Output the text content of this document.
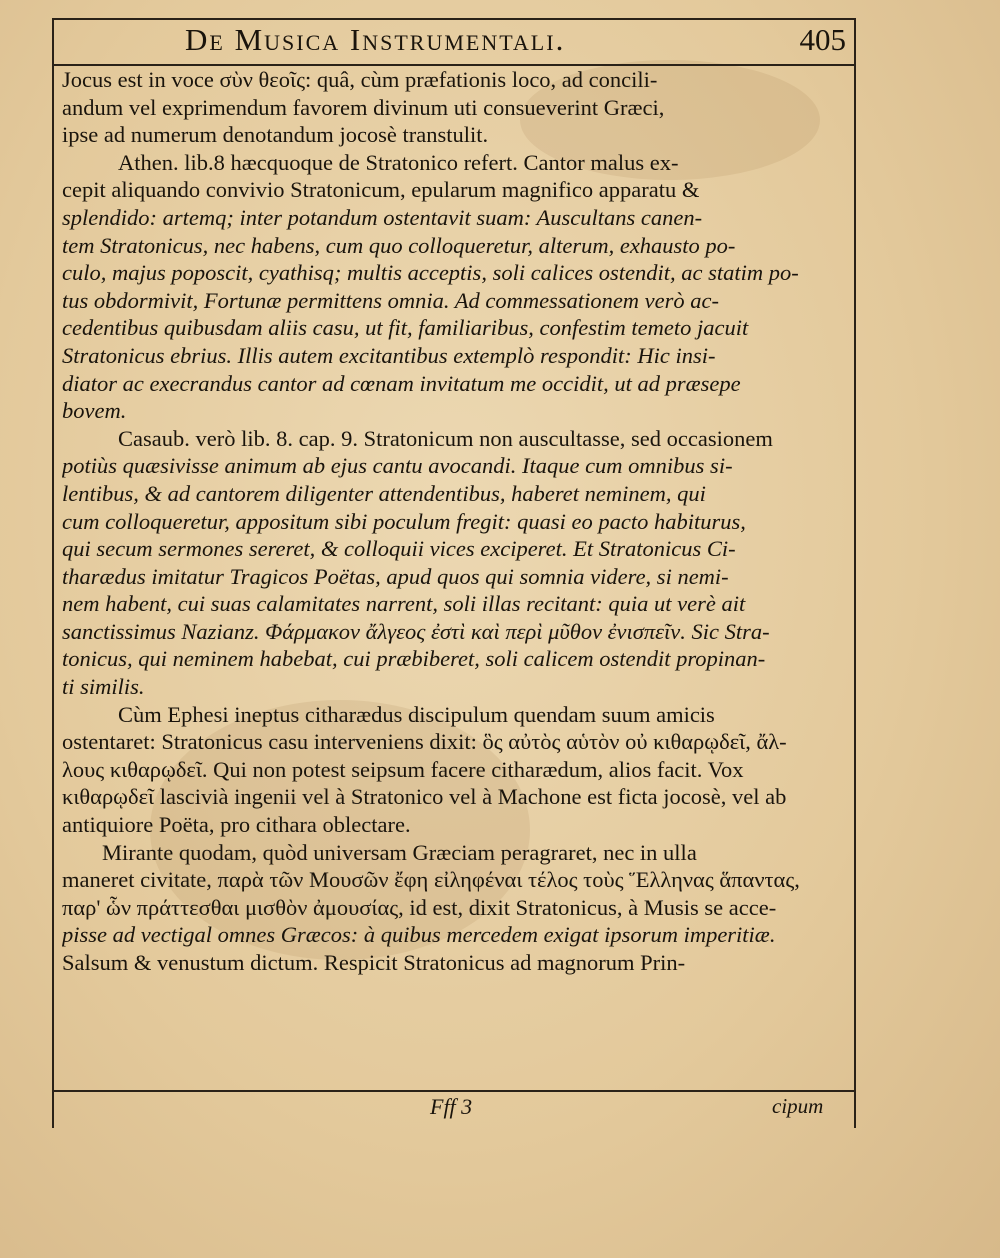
De Musica Instrumentali.	405
Jocus est in voce σὺν θεοῖς: quâ, cùm præfationis loco, ad concili-
andum vel exprimendum favorem divinum uti consueverint Græci,
ipse ad numerum denotandum jocosè transtulit.
Athen. lib.8 hæcquoque de Stratonico refert. Cantor malus ex-
cepit aliquando convivio Stratonicum, epularum magnifico apparatu &
splendido: artemq; inter potandum ostentavit suam: Auscultans canen-
tem Stratonicus, nec habens, cum quo colloqueretur, alterum, exhausto po-
culo, majus poposcit, cyathisq; multis acceptis, soli calices ostendit, ac statim po-
tus obdormivit, Fortunæ permittens omnia. Ad commessationem verò ac-
cedentibus quibusdam aliis casu, ut fit, familiaribus, confestim temeto jacuit
Stratonicus ebrius. Illis autem excitantibus extemplò respondit: Hic insi-
diator ac execrandus cantor ad cœnam invitatum me occidit, ut ad præsepe
bovem.
Casaub. verò lib. 8. cap. 9. Stratonicum non auscultasse, sed occasionem
potiùs quæsivisse animum ab ejus cantu avocandi. Itaque cum omnibus si-
lentibus, & ad cantorem diligenter attendentibus, haberet neminem, qui
cum colloqueretur, appositum sibi poculum fregit: quasi eo pacto habiturus,
qui secum sermones sereret, & colloquii vices exciperet. Et Stratonicus Ci-
tharædus imitatur Tragicos Poëtas, apud quos qui somnia videre, si nemi-
nem habent, cui suas calamitates narrent, soli illas recitant: quia ut verè ait
sanctissimus Nazianz. Φάρμακον ἄλγεος ἐστὶ καὶ περὶ μῦθον ἐνισπεῖν. Sic Stra-
tonicus, qui neminem habebat, cui præbiberet, soli calicem ostendit propinan-
ti similis.
Cùm Ephesi ineptus citharædus discipulum quendam suum amicis
ostentaret: Stratonicus casu interveniens dixit: ὃς αὐτὸς αὑτὸν οὐ κιθαρῳδεῖ, ἄλ-
λους κιθαρῳδεῖ. Qui non potest seipsum facere citharædum, alios facit. Vox
κιθαρῳδεῖ lascivià ingenii vel à Stratonico vel à Machone est ficta jocosè, vel ab
antiquiore Poëta, pro cithara oblectare.
Mirante quodam, quòd universam Græciam peragraret, nec in ulla
maneret civitate, παρὰ τῶν Μουσῶν ἔφη εἰληφέναι τέλος τοὺς Ἕλληνας ἅπαντας,
παρ' ὧν πράττεσθαι μισθὸν ἀμουσίας, id est, dixit Stratonicus, à Musis se acce-
pisse ad vectigal omnes Græcos: à quibus mercedem exigat ipsorum imperitiæ.
Salsum & venustum dictum. Respicit Stratonicus ad magnorum Prin-
Fff 3	cipum
